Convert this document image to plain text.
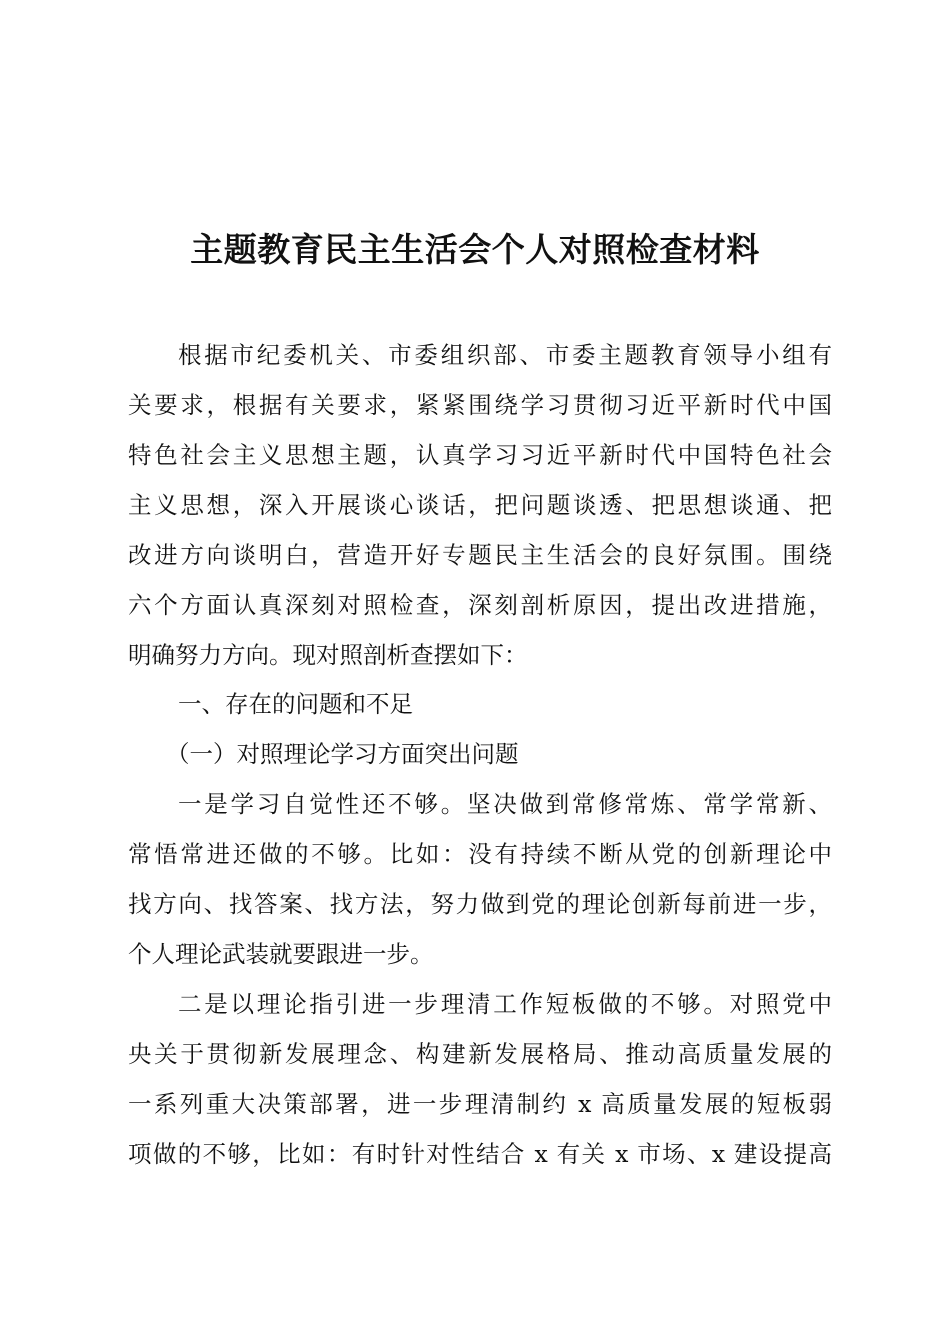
主题教育民主生活会个人对照检查材料

根据市纪委机关、市委组织部、市委主题教育领导小组有

关要求，根据有关要求，紧紧围绕学习贯彻习近平新时代中国

特色社会主义思想主题，认真学习习近平新时代中国特色社会

主义思想，深入开展谈心谈话，把问题谈透、把思想谈通、把

改进方向谈明白，营造开好专题民主生活会的良好氛围。围绕

六个方面认真深刻对照检查，深刻剖析原因，提出改进措施，

明确努力方向。现对照剖析查摆如下：

一、存在的问题和不足

（一）对照理论学习方面突出问题

一是学习自觉性还不够。坚决做到常修常炼、常学常新、

常悟常进还做的不够。比如：没有持续不断从党的创新理论中

找方向、找答案、找方法，努力做到党的理论创新每前进一步，

个人理论武装就要跟进一步。

二是以理论指引进一步理清工作短板做的不够。对照党中

央关于贯彻新发展理念、构建新发展格局、推动高质量发展的

一系列重大决策部署，进一步理清制约 x 高质量发展的短板弱

项做的不够，比如：有时针对性结合 x 有关 x 市场、x 建设提高
